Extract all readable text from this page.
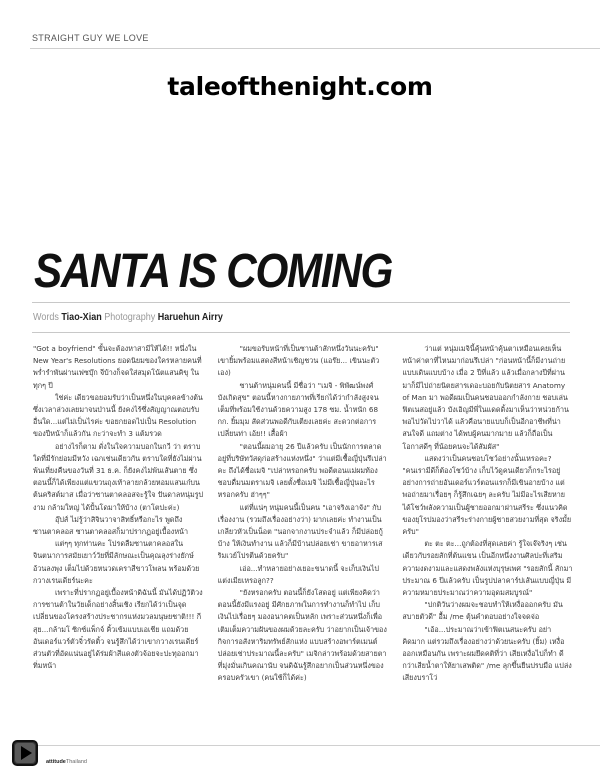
STRAIGHT GUY WE LOVE
taleofthenight.com
SANTA IS COMING
Words Tiao-Xian Photography Haruehun Airry

"Got a boyfriend" ขั้นจะต้องหาสามีให้ได้!! หนึ่งใน New Year's Resolutions ยอดนิยมของใครหลายคนที่พร่ำรำพันผ่านเฟซบุ๊ก จีบ้างก็จดใส่สมุดโน้ตแสนคิขุ ในทุกๆ ปี

ใช่ค่ะ เดียวขอยอมรับว่าเป็นหนึ่งในบุคคลข้างต้น ซึ่งเวลาล่วงเลยมาจนป่านนี้ ยังคงไร้ซึ่งสัญญาณตอบรับอื่นใด...แต่ไม่เป็นไรค่ะ ขอยกยอดไปเป็น Resolution ของปีหน้าก็แล้วกัน กะว่าจะทำ 3 แต้มรวด

อย่างไรก็ตาม ดั่งในใจความบอกในกวี ว่า ตราบใดที่มีรักย่อมมีหวัง เฉกเช่นเดียวกัน ตราบใดที่ยังไม่ผ่านพ้นเที่ยงคืนของวันที่ 31 ธ.ค. ก็ยังคงไม่พ้นเส้นตาย ซึ่งตอนนี้ก็ได้เพียงแต่แขวนถุงเท้าลายกล้วยหอมแสนเก๋บนต้นคริสต์มาส เมื่อว่าซานตาคลอสจะรู้ใจ ปันดาลหนุ่มรูปงาม กล้ามใหญ่ ได้ปั้นโดมาให้บ้าง (ตาโตปะค่ะ)

อุ๊ปส์ ไม่รู้ว่าสิจินวาจาสิทธิ์หรือกะไร พูดถึงซานตาคลอส ซานตาคลอสก็มาปรากฏอยู่เบื้องหน้า

แต่ๆๆ ทุกท่านคะ โปรดลืมซานตาคลอสในจินตนาการสมัยเยาว์วัยที่มีลักษณะเป็นคุณลุงร่างยักษ์ อ้วนลงพุง เต็มไปด้วยหนวดเคราสีขาวโพลน พร้อมด้วยกวางเรนเดียร์นะคะ

เพราะที่ปรากฏอยู่เบื้องหน้าดิฉันนี้ มันได้ปฏิวัติวงการซานต้าในวัยเด็กอย่างสิ้นเชิง เรียกได้ว่าเป็นจุดเปลี่ยนของโครงสร้างประชากรแห่งมวลมนุษยชาติ!!! กีสุย...กล้ามโ ซิกซ์แพ็กจ์ คิ้วเข้มแบบเอเชีย แถมด้วยอันเดอร์แวร์ตัวจิ๋วรัดติ้ว จนรู้สึกได้ว่าเขากวางเรนเดียร์ส่วนตัวที่อัดแน่นอยู่ได้ร่มผ้าสีแดงตัวจ้อยจะปะทุออกมาทิ่มหน้า

"ผมขอรับหน้าที่เป็นซานต้าสักหนึ่งวันนะครับ" เขายิ้มพร้อมแสดงสีหน้าเชิญชวน (แอร๊ย... เขินนะตัวเอง)

ซานต้าหนุ่มคนนี้ มีชื่อว่า "เมจิ - พิพัฒน์พงศ์ บังเกิดสุข" ตอนนี้หางกายภาพที่เรียกได้ว่ากำลังสูงจนเต็มที่พร้อมใช้งานด้วยความสูง 178 ซม. น้ำหนัก 68 กก. ยิ้มมุม สัดส่วนพอดีกับเตียงเลยค่ะ สะดวกต่อการเปลี่ยนท่า เอ้ย!! เสื้อผ้า

"ตอนนี้ผมอายุ 26 ปีแล้วครับ เป็นนักการตลาดอยู่ที่บริษัทวัสดุก่อสร้างแห่งหนึ่ง" ว่าแต่มีเชื้อญี่ปุ่นรึเปล่าคะ ถึงได้ชื่อเมจิ "เปล่าหรอกครับ พอดีตอนแม่ผมท้องชอบดื่มนมตราเมจิ เลยตั้งชื่อเมจิ ไม่มีเชื้อญี่ปุ่นอะไรหรอกครับ ฮ่าๆๆ"

แต่ที่แน่ๆ หนุ่มคนนี้เป็นคน "เอาจริงเอาจัง" กับเรื่องงาน (รวมถึงเรื่องอย่างว่า) มากเลยค่ะ ทำงานเป็นเกลียวหัวเป็นน็อต "นอกจากงานประจำแล้ว ก็มีปล่อยกู้บ้าง ให้เงินทำงาน แล้วก็มีบ้านปล่อยเช่า ขายอาหารเสริมเวย์โปรตีนด้วยครับ"

เอ่อ...ทำหลายอย่างเยอะขนาดนี้ จะเก็บเงินไปแต่งเมียเหรอลูก??

"ยังหรอกครับ ตอนนี้ก็ยังโสดอยู่ แต่เพียงคิดว่าตอนนี้ยังมีแรงอยู่ มีศักยภาพในการทำงานก็ทำไป เก็บเงินไปเรื่อยๆ มองอนาคตเป็นหลัก เพราะส่วนหนึ่งก็เพื่อเติมเต็มความฝันของผมด้วยละครับ ว่าอยากเป็นเจ้าของกิจการอสังหาริมทรัพย์สักแห่ง แบบสร้างอพาร์ตเมนต์ปล่อยเช่าประมาณนี้ละครับ" เมจิกล่าวพร้อมด้วยสายตาที่มุ่งมั่นเกินคณานับ จนดิฉันรู้สึกอยากเป็นส่วนหนึ่งของครอบครัวเขา (คนใช้ก็ได้ค่ะ)

ว่าแต่ หนุ่มเมจินี้คุ้นหน้าคุ้นตาเหมือนเคยเห็นหน้าค่าตาที่ไหนมาก่อนรึเปล่า "ก่อนหน้านี้ก็มีงานถ่ายแบบเดินแบบบ้าง เมื่อ 2 ปีที่แล้ว แล้วเมื่อกลางปีที่ผ่านมาก็มีไปถ่ายนิตยสารเดอะบอยกับนิตยสาร Anatomy of Man มา พอดีผมเป็นคนชอบออกกำลังกาย ชอบเล่นฟิตเนสอยู่แล้ว บังเอิญมีพี่ในแดดดิ้งมาเห็นว่าหน่วยก้านพอไปวัดไปวาได้ แล้วคือนายแบบก็เป็นอีกอาชีพที่น่าสนใจดี แถมต่าง ได้พบผู้คนมากมาย แล้วก็ถือเป็นโอกาสดีๆ ที่น้อยคนจะได้สัมผัส"

แสดงว่าเป็นคนชอบโชว์อย่างนั้นเหรอคะ?

"คนเรามีดีก็ต้องโชว์บ้าง เก็บไว้ดูคนเดียวก็กระไรอยู่ อย่างการถ่ายอันเดอร์แวร์ตอนแรกก็มีเขินอายบ้าง แต่พอถ่ายมาเรื่อยๆ ก็รู้สึกเฉยๆ ละครับ ไม่มีอะไรเสียหาย ได้โชว์พลังความเป็นผู้ชายออกมาผ่านสรีระ ซึ่งแนวคิดของยุโรปมองว่าสรีระร่างกายผู้ชายสวยงามที่สุด จริงมั้ยครับ"

ตะ ตะ ตะ...ถูกต้องที่สุดเลยค่า รู้ใจเจ๊จริงๆ เช่นเดียวกับรอยสักที่ต้นแขน เป็นอีกหนึ่งงานศิลปะที่เสริมความงดงามและแสดงพลังแห่งบุรุษเพศ "รอยสักนี้ สักมาประมาณ 6 ปีแล้วครับ เป็นรูปปลาคาร์ปเส้นแบบญี่ปุ่น มีความหมายประมาณว่าความอุดมสมบูรณ์"

"ปกติวันว่างผมจะชอบทำให้เหงื่อออกครับ มันสบายตัวดี" อื้ม /me ตุ้นคำตอบอย่างใจจดจ่อ

"เอ้อ...ประมาณว่าเข้าฟิตเนสนะครับ อย่าคิดมาก แต่รวมถึงเรื่องอย่างว่าด้วยนะครับ (ยิ้ม) เหงื่อออกเหมือนกัน เพราะผมยึดคติที่ว่า เสียเหงื่อไปก็ทำ ดีกว่าเสียน้ำตาให้ยาเสพติด" /me ลุกขึ้นยืนปรบมือ แปล่งเสียงบราโว่

attitudeThailand
